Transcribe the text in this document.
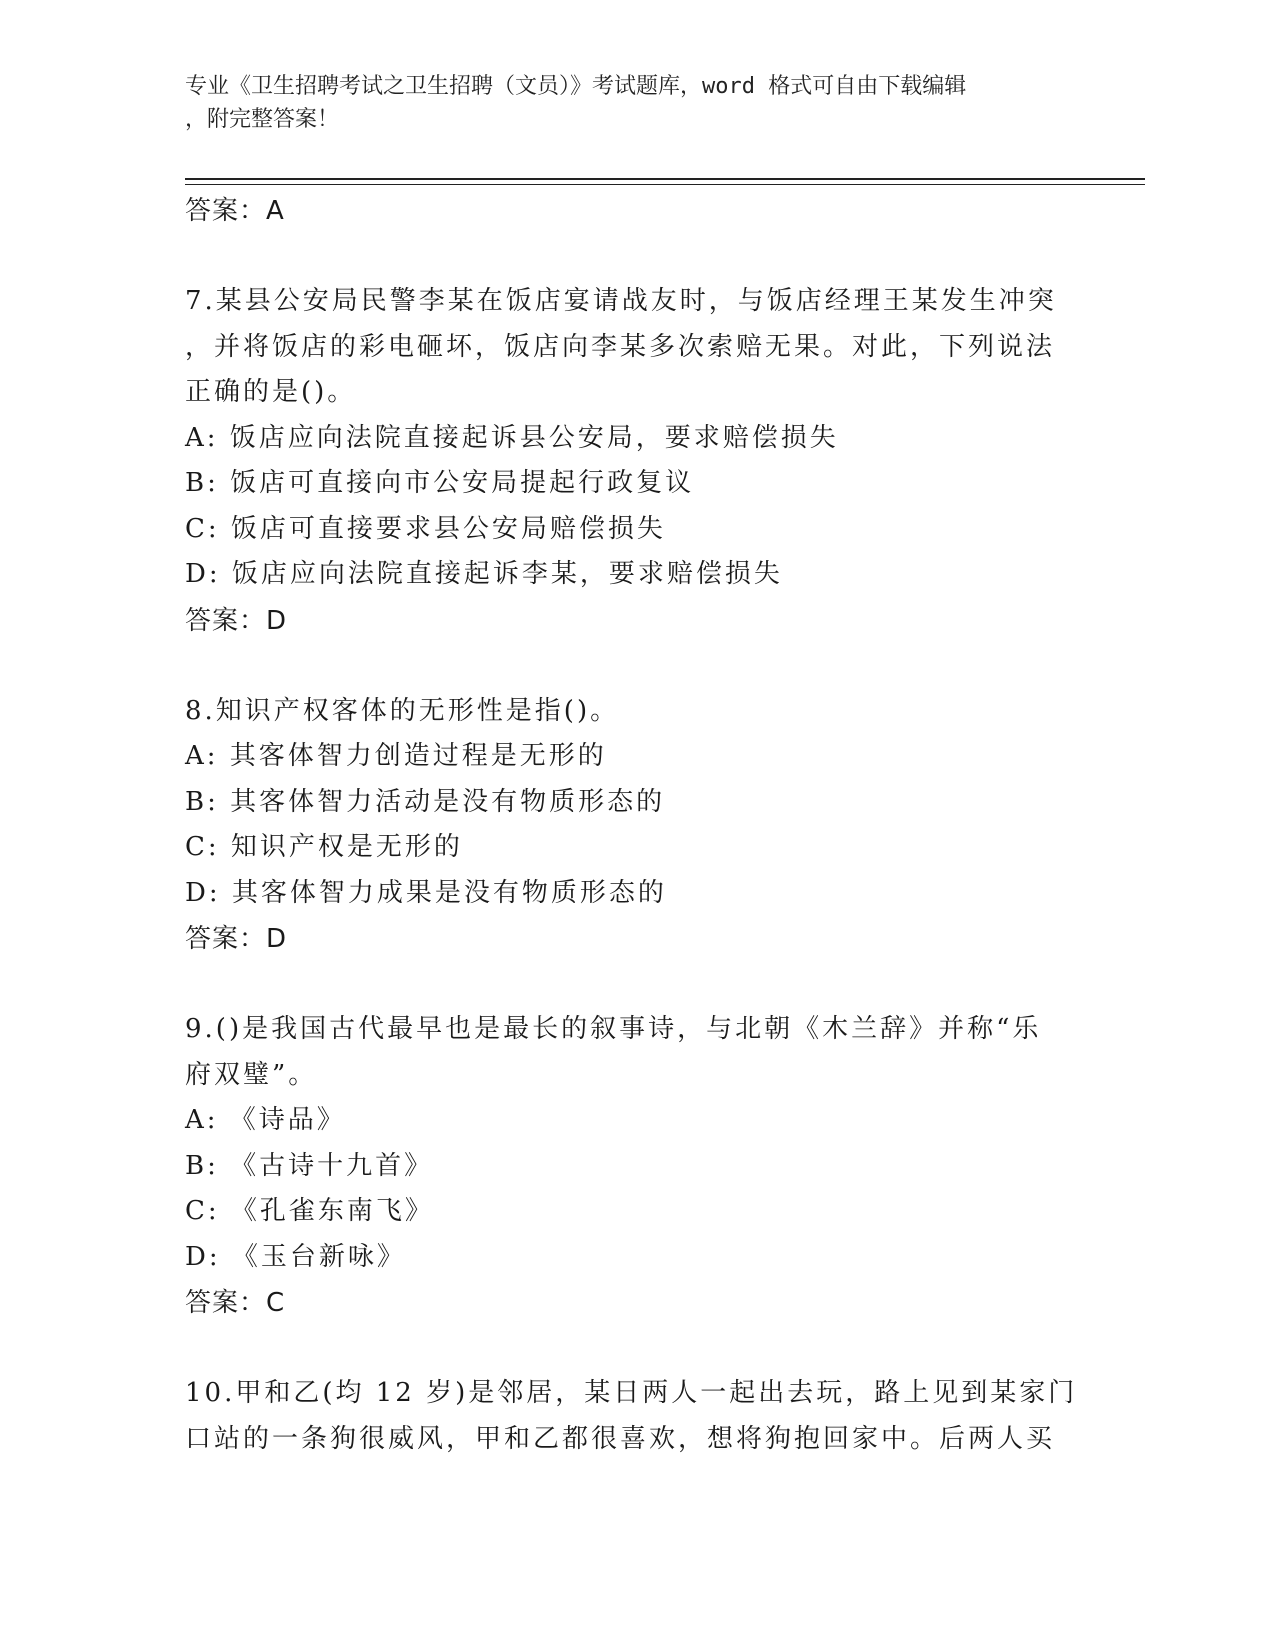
专业《卫生招聘考试之卫生招聘（文员）》考试题库，word 格式可自由下载编辑
，附完整答案！
答案：A
7.某县公安局民警李某在饭店宴请战友时，与饭店经理王某发生冲突
，并将饭店的彩电砸坏，饭店向李某多次索赔无果。对此，下列说法
正确的是()。
A: 饭店应向法院直接起诉县公安局，要求赔偿损失
B: 饭店可直接向市公安局提起行政复议
C: 饭店可直接要求县公安局赔偿损失
D: 饭店应向法院直接起诉李某，要求赔偿损失
答案：D
8.知识产权客体的无形性是指()。
A: 其客体智力创造过程是无形的
B: 其客体智力活动是没有物质形态的
C: 知识产权是无形的
D: 其客体智力成果是没有物质形态的
答案：D
9.()是我国古代最早也是最长的叙事诗，与北朝《木兰辞》并称“乐
府双璧”。
A: 《诗品》
B: 《古诗十九首》
C: 《孔雀东南飞》
D: 《玉台新咏》
答案：C
10.甲和乙(均 12 岁)是邻居，某日两人一起出去玩，路上见到某家门
口站的一条狗很威风，甲和乙都很喜欢，想将狗抱回家中。后两人买
